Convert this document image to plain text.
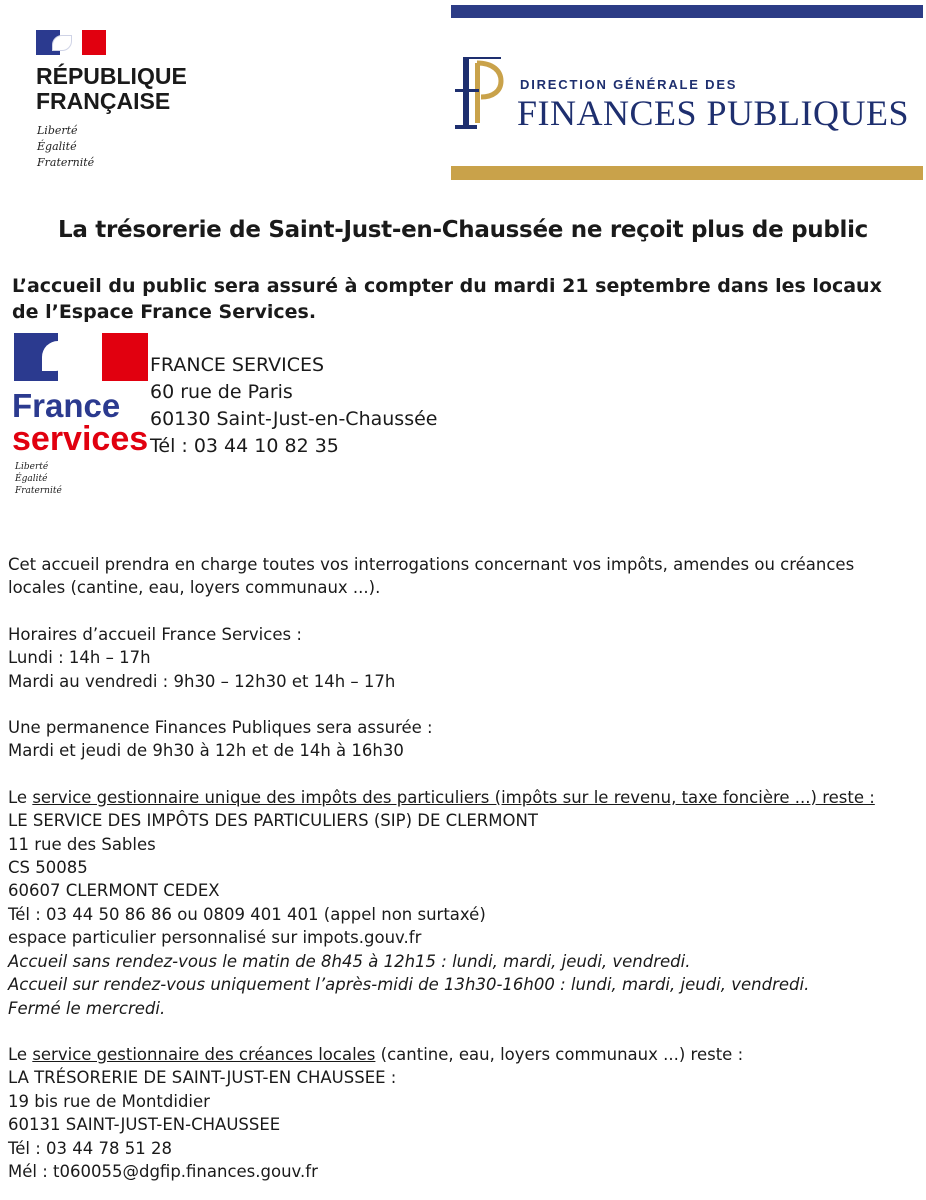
RÉPUBLIQUE
FRANÇAISE
Liberté
Égalité
Fraternité
DIRECTION GÉNÉRALE DES
FINANCES PUBLIQUES
La trésorerie de Saint-Just-en-Chaussée ne reçoit plus de public
L’accueil du public sera assuré à compter du mardi 21 septembre dans les locaux de l’Espace France Services.
France
services
Liberté
Égalité
Fraternité
FRANCE SERVICES
60 rue de Paris
60130 Saint-Just-en-Chaussée
Tél : 03 44 10 82 35

Cet accueil prendra en charge toutes vos interrogations concernant vos impôts, amendes ou créances locales (cantine, eau, loyers communaux ...).

Horaires d’accueil France Services :

Lundi : 14h – 17h

Mardi au vendredi : 9h30 – 12h30 et 14h – 17h

Une permanence Finances Publiques sera assurée :

Mardi et jeudi de 9h30 à 12h et de 14h à 16h30

Le service gestionnaire unique des impôts des particuliers (impôts sur le revenu, taxe foncière ...) reste :

LE SERVICE DES IMPÔTS DES PARTICULIERS (SIP) DE CLERMONT

11 rue des Sables

CS 50085

60607 CLERMONT CEDEX

Tél : 03 44 50 86 86 ou 0809 401 401 (appel non surtaxé)

espace particulier personnalisé sur impots.gouv.fr

Accueil sans rendez-vous le matin de 8h45 à 12h15 : lundi, mardi, jeudi, vendredi.

Accueil sur rendez-vous uniquement l’après-midi de 13h30-16h00 : lundi, mardi, jeudi, vendredi.

Fermé le mercredi.

Le service gestionnaire des créances locales (cantine, eau, loyers communaux ...) reste :

LA TRÉSORERIE DE SAINT-JUST-EN CHAUSSEE :

19 bis rue de Montdidier

60131 SAINT-JUST-EN-CHAUSSEE

Tél : 03 44 78 51 28

Mél : t060055@dgfip.finances.gouv.fr
